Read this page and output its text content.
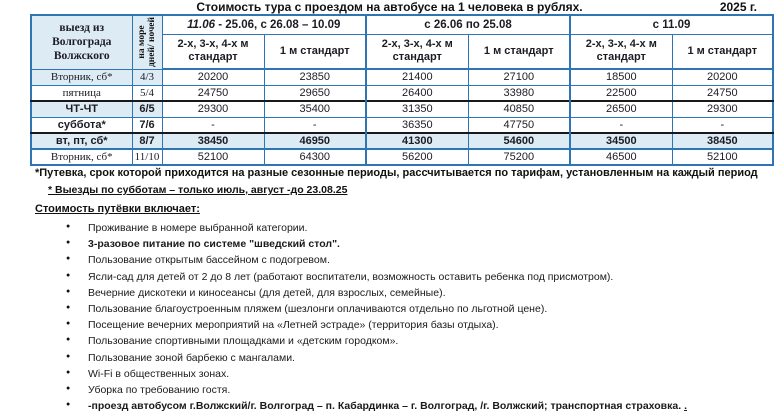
Стоимость тура с проездом на автобусе на 1 человека в рублях.	2025 г.
выезд из Волгограда Волжского	на море дней/ ночей	11.06 - 25.06, с 26.08 – 10.09		с 26.06 по 25.08		с 11.09	
		2-х, 3-х, 4-х м стандарт	1 м стандарт	2-х, 3-х, 4-х м стандарт	1 м стандарт	2-х, 3-х, 4-х м стандарт	1 м стандарт
Вторник, сб*	4/3	20200	23850	21400	27100	18500	20200
пятница	5/4	24750	29650	26400	33980	22500	24750
ЧТ-ЧТ	6/5	29300	35400	31350	40850	26500	29300
суббота*	7/6	-	-	36350	47750	-	-
вт, пт, сб*	8/7	38450	46950	41300	54600	34500	38450
Вторник, сб*	11/10	52100	64300	56200	75200	46500	52100
*Путевка, срок которой приходится на разные сезонные периоды, рассчитывается по тарифам, установленным на каждый период
* Выезды по субботам – только июль, август -до 23.08.25
Стоимость путёвки включает:
● Проживание в номере выбранной категории.
● 3-разовое питание по системе "шведский стол".
● Пользование открытым бассейном с подогревом.
● Ясли-сад для детей от 2 до 8 лет (работают воспитатели, возможность оставить ребенка под присмотром).
● Вечерние дискотеки и киносеансы (для детей, для взрослых, семейные).
● Пользование благоустроенным пляжем (шезлонги оплачиваются отдельно по льготной цене).
● Посещение вечерних мероприятий на «Летней эстраде» (территория базы отдыха).
● Пользование спортивными площадками и «детским городком».
● Пользование зоной барбекю с мангалами.
● Wi-Fi в общественных зонах.
● Уборка по требованию гостя.
● -проезд автобусом г.Волжский/г. Волгоград – п. Кабардинка – г. Волгоград, /г. Волжский; транспортная страховка. .
